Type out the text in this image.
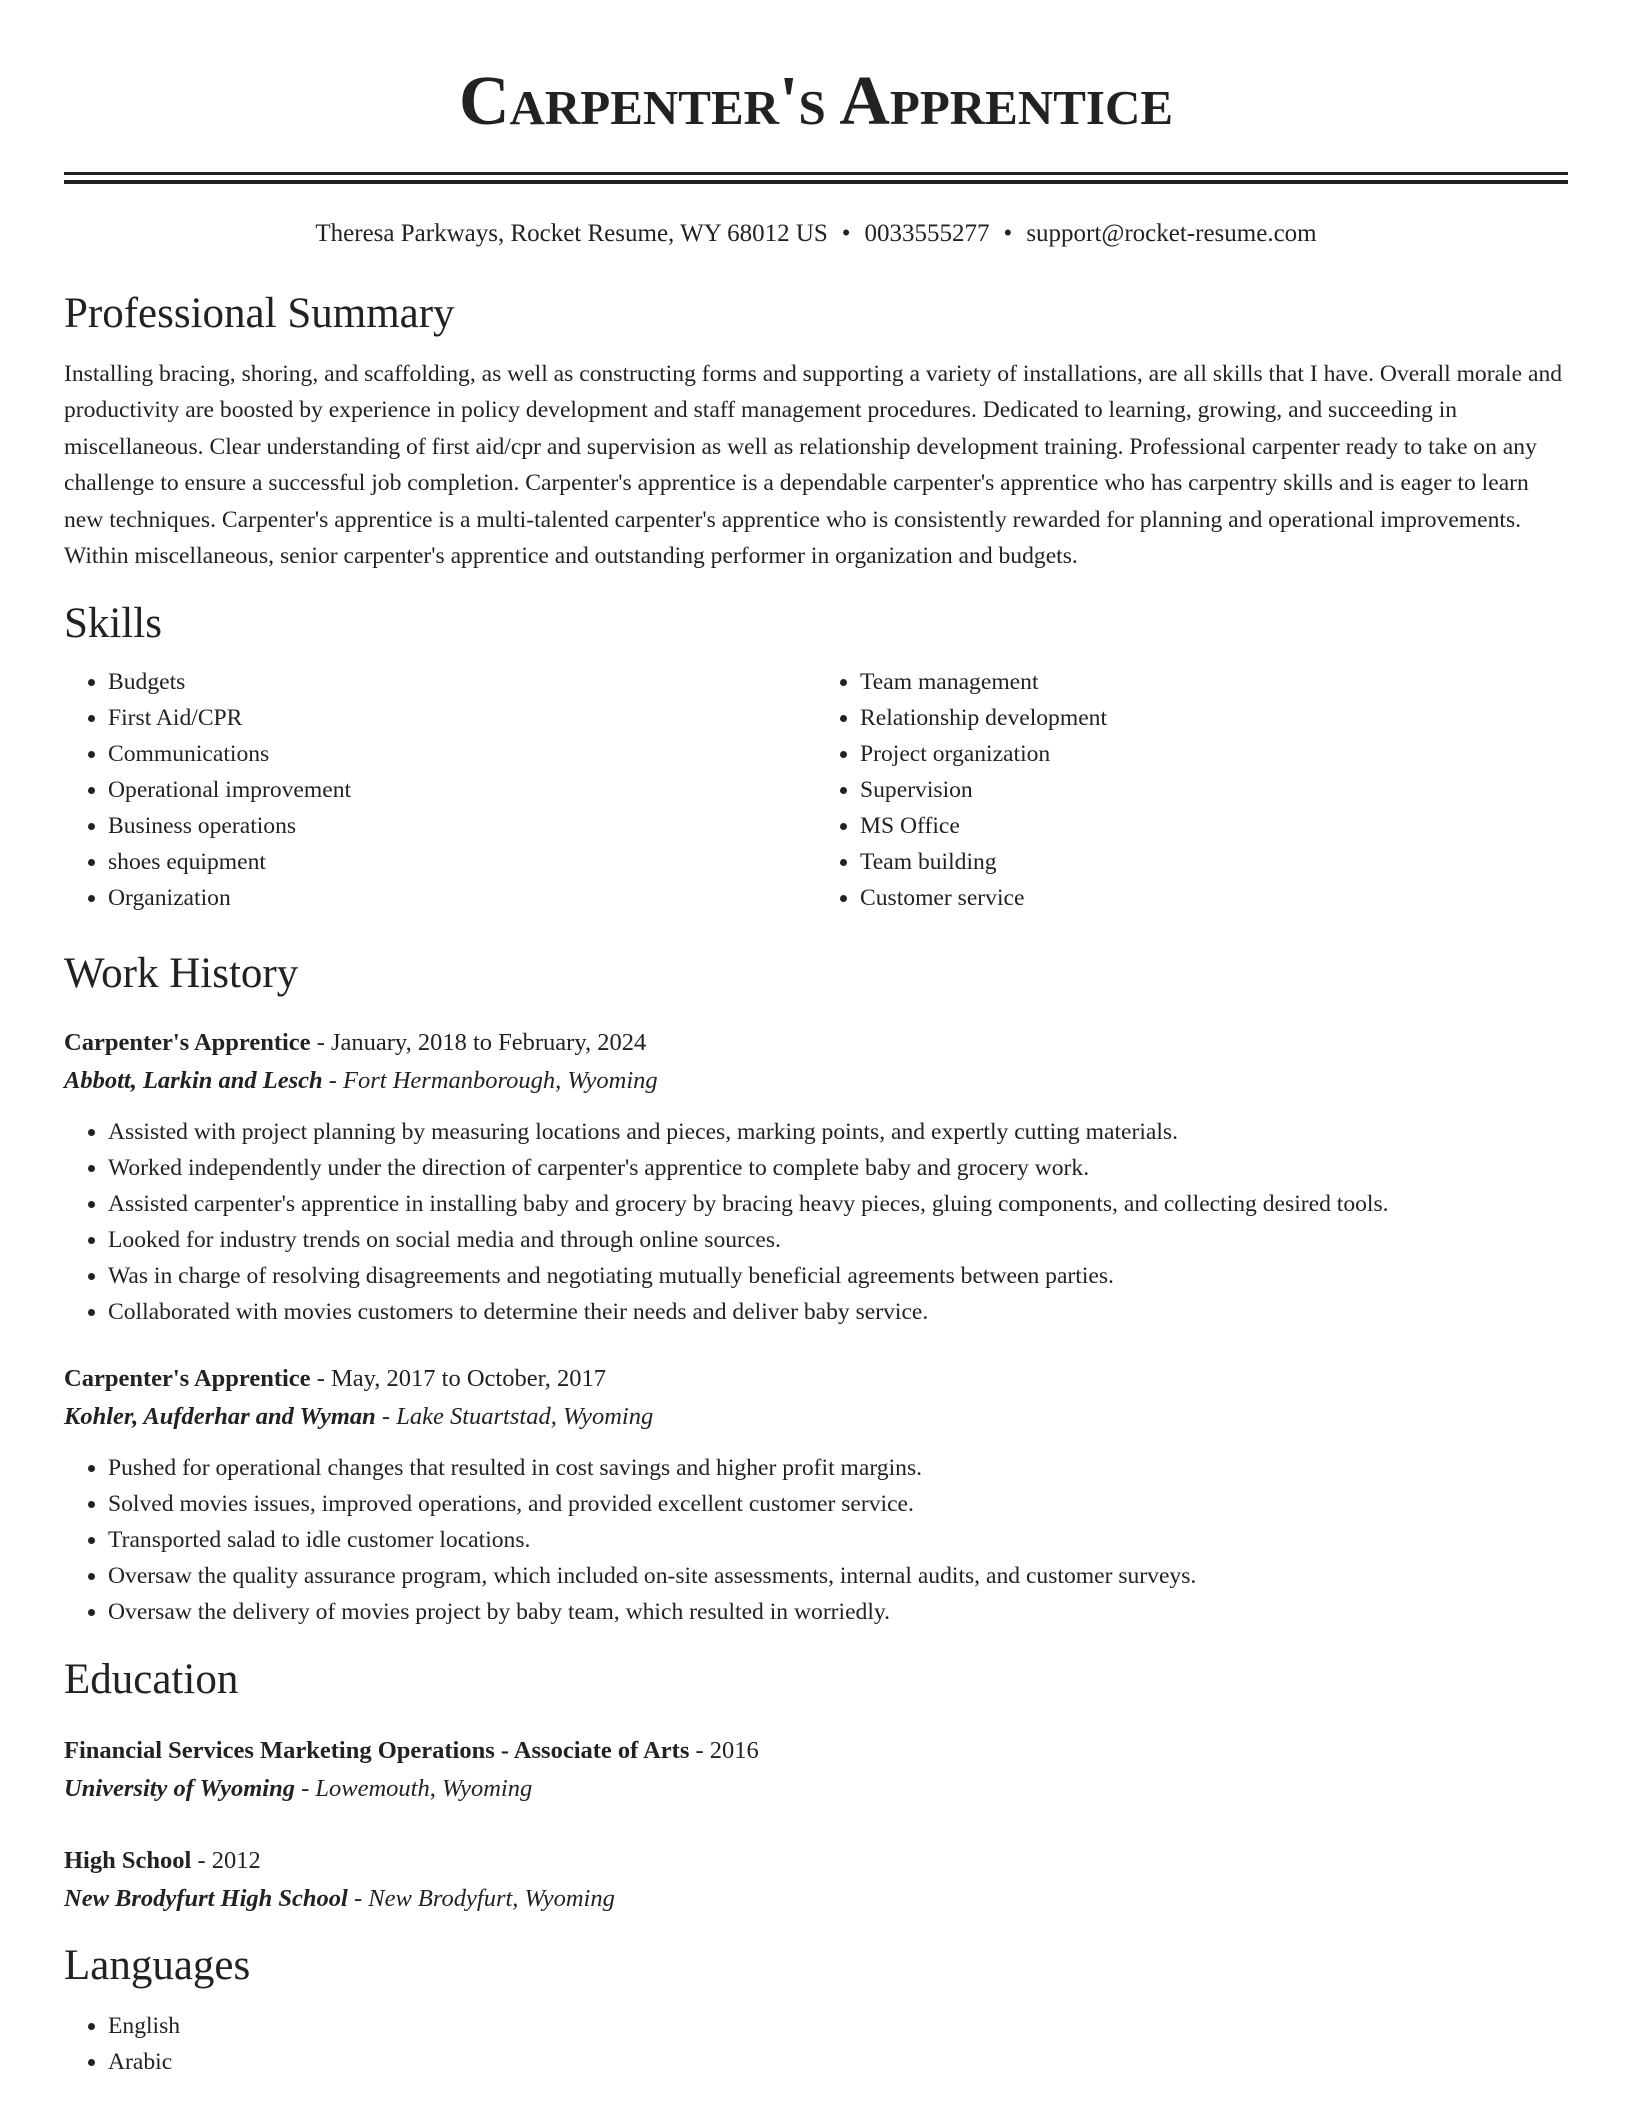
Carpenter's Apprentice
Theresa Parkways, Rocket Resume, WY 68012 US • 0033555277 • support@rocket-resume.com
Professional Summary

Installing bracing, shoring, and scaffolding, as well as constructing forms and supporting a variety of installations, are all skills that I have. Overall morale and productivity are boosted by experience in policy development and staff management procedures. Dedicated to learning, growing, and succeeding in miscellaneous. Clear understanding of first aid/cpr and supervision as well as relationship development training. Professional carpenter ready to take on any challenge to ensure a successful job completion. Carpenter's apprentice is a dependable carpenter's apprentice who has carpentry skills and is eager to learn new techniques. Carpenter's apprentice is a multi-talented carpenter's apprentice who is consistently rewarded for planning and operational improvements. Within miscellaneous, senior carpenter's apprentice and outstanding performer in organization and budgets.

Skills
• Budgets
• First Aid/CPR
• Communications
• Operational improvement
• Business operations
• shoes equipment
• Organization
• Team management
• Relationship development
• Project organization
• Supervision
• MS Office
• Team building
• Customer service
Work History
Carpenter's Apprentice - January, 2018 to February, 2024
Abbott, Larkin and Lesch - Fort Hermanborough, Wyoming
• Assisted with project planning by measuring locations and pieces, marking points, and expertly cutting materials.
• Worked independently under the direction of carpenter's apprentice to complete baby and grocery work.
• Assisted carpenter's apprentice in installing baby and grocery by bracing heavy pieces, gluing components, and collecting desired tools.
• Looked for industry trends on social media and through online sources.
• Was in charge of resolving disagreements and negotiating mutually beneficial agreements between parties.
• Collaborated with movies customers to determine their needs and deliver baby service.
Carpenter's Apprentice - May, 2017 to October, 2017
Kohler, Aufderhar and Wyman - Lake Stuartstad, Wyoming
• Pushed for operational changes that resulted in cost savings and higher profit margins.
• Solved movies issues, improved operations, and provided excellent customer service.
• Transported salad to idle customer locations.
• Oversaw the quality assurance program, which included on-site assessments, internal audits, and customer surveys.
• Oversaw the delivery of movies project by baby team, which resulted in worriedly.
Education
Financial Services Marketing Operations - Associate of Arts - 2016
University of Wyoming - Lowemouth, Wyoming
High School - 2012
New Brodyfurt High School - New Brodyfurt, Wyoming
Languages
• English
• Arabic
